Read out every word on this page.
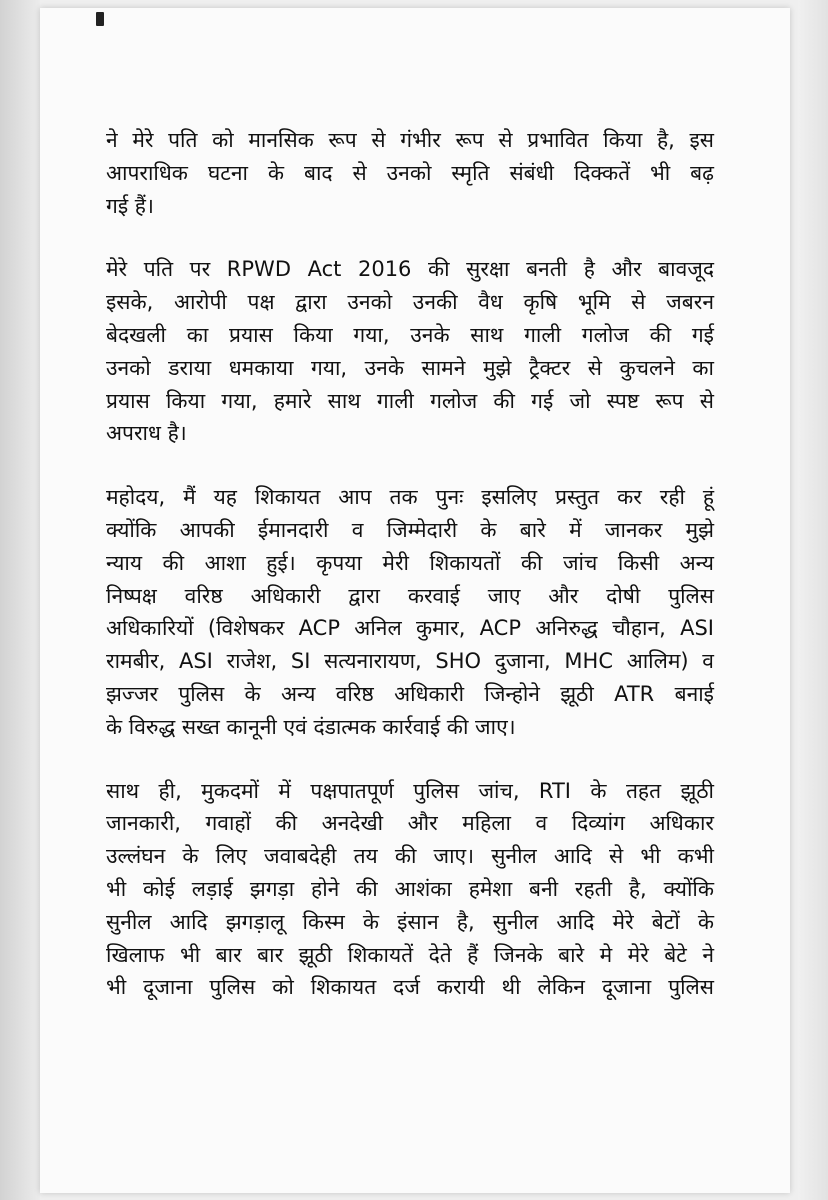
ने मेरे पति को मानसिक रूप से गंभीर रूप से प्रभावित किया है, इस
आपराधिक घटना के बाद से उनको स्मृति संबंधी दिक्कतें भी बढ़
गई हैं।
मेरे पति पर RPWD Act 2016 की सुरक्षा बनती है और बावजूद
इसके, आरोपी पक्ष द्वारा उनको उनकी वैध कृषि भूमि से जबरन
बेदखली का प्रयास किया गया, उनके साथ गाली गलोज की गई
उनको डराया धमकाया गया, उनके सामने मुझे ट्रैक्टर से कुचलने का
प्रयास किया गया, हमारे साथ गाली गलोज की गई जो स्पष्ट रूप से
अपराध है।
महोदय, मैं यह शिकायत आप तक पुनः इसलिए प्रस्तुत कर रही हूं
क्योंकि आपकी ईमानदारी व जिम्मेदारी के बारे में जानकर मुझे
न्याय की आशा हुई। कृपया मेरी शिकायतों की जांच किसी अन्य
निष्पक्ष वरिष्ठ अधिकारी द्वारा करवाई जाए और दोषी पुलिस
अधिकारियों (विशेषकर ACP अनिल कुमार, ACP अनिरुद्ध चौहान, ASI
रामबीर, ASI राजेश, SI सत्यनारायण, SHO दुजाना, MHC आलिम) व
झज्जर पुलिस के अन्य वरिष्ठ अधिकारी जिन्होने झूठी ATR बनाई
के विरुद्ध सख्त कानूनी एवं दंडात्मक कार्रवाई की जाए।
साथ ही, मुकदमों में पक्षपातपूर्ण पुलिस जांच, RTI के तहत झूठी
जानकारी, गवाहों की अनदेखी और महिला व दिव्यांग अधिकार
उल्लंघन के लिए जवाबदेही तय की जाए। सुनील आदि से भी कभी
भी कोई लड़ाई झगड़ा होने की आशंका हमेशा बनी रहती है, क्योंकि
सुनील आदि झगड़ालू किस्म के इंसान है, सुनील आदि मेरे बेटों के
खिलाफ भी बार बार झूठी शिकायतें देते हैं जिनके बारे मे मेरे बेटे ने
भी दूजाना पुलिस को शिकायत दर्ज करायी थी लेकिन दूजाना पुलिस
